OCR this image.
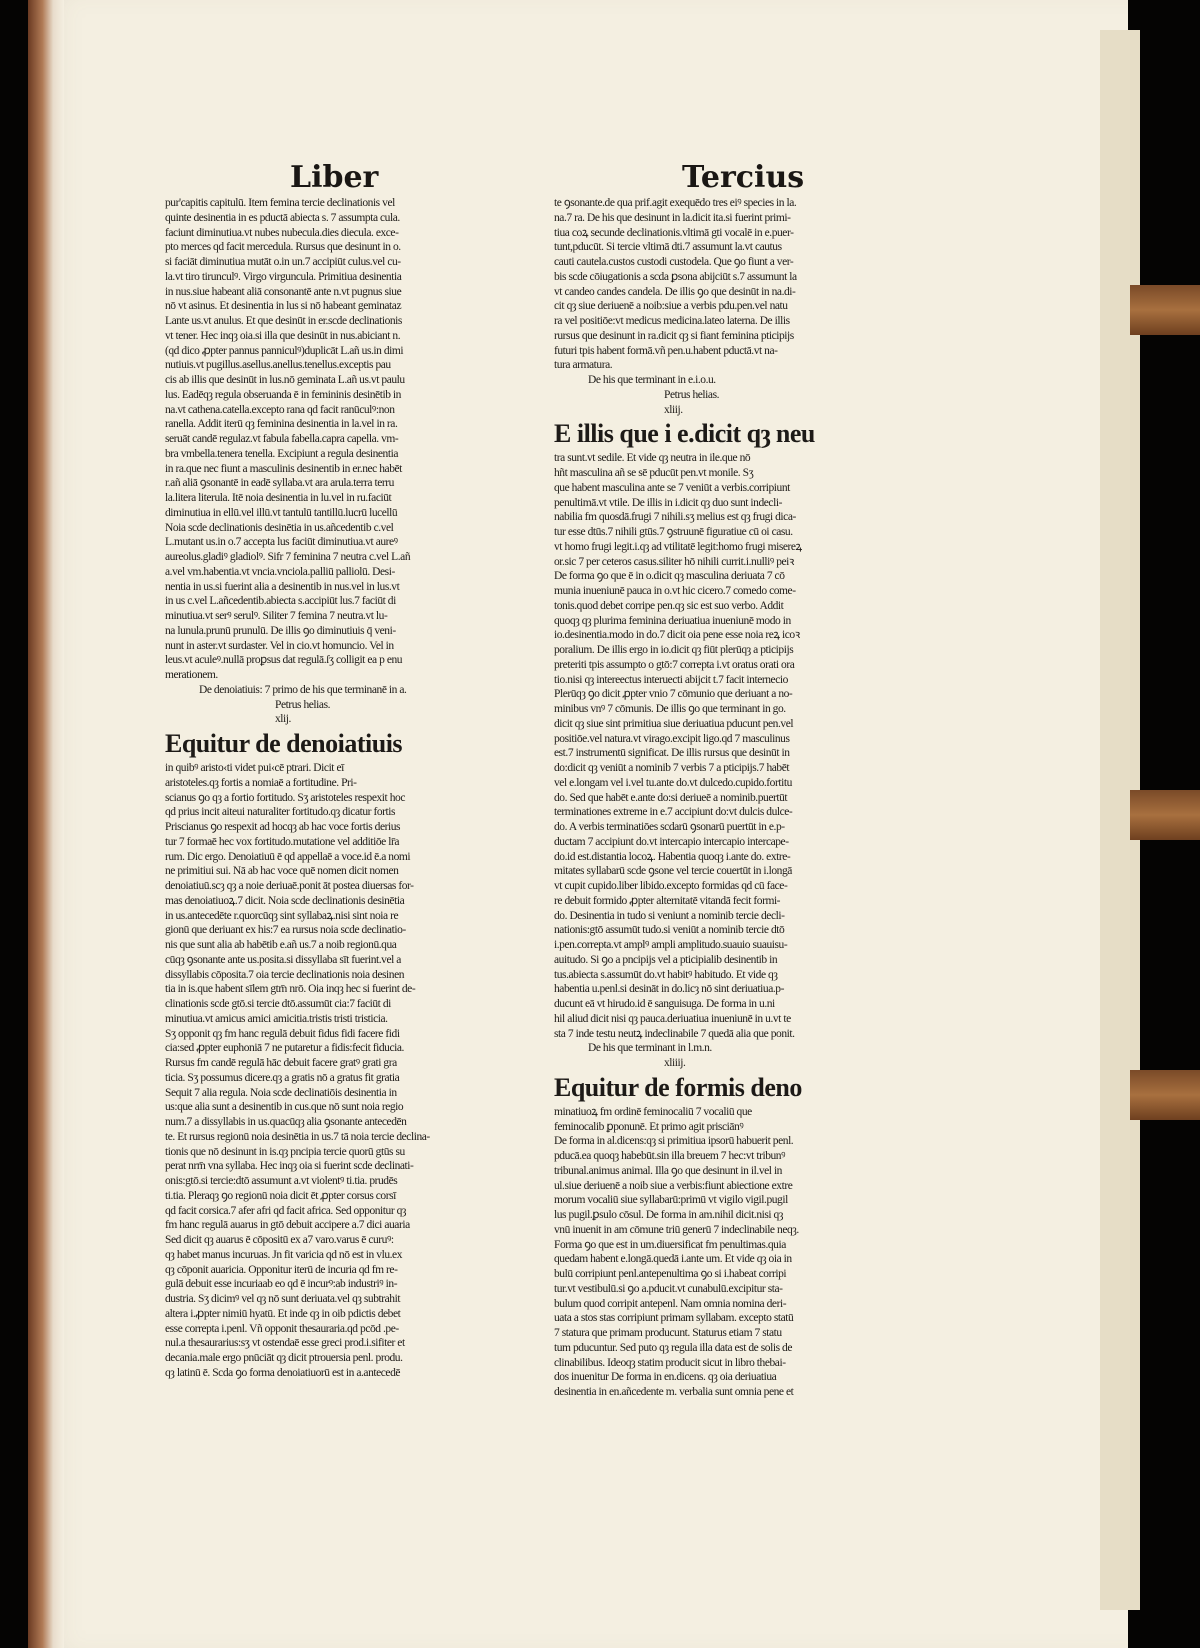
Liber	Tercius
pur'capitis capitulū. Item femina tercie declinationis vel
quinte desinentia in es pductā abiecta s. 7 assumpta cula.
faciunt diminutiua.vt nubes nubecula.dies diecula. exce-
pto merces qd facit mercedula. Rursus que desinunt in o.
si faciāt diminutiua mutāt o.in un.7 accipiūt culus.vel cu-
la.vt tiro tirunculꝰ. Virgo virguncula. Primitiua desinentia
in nus.siue habeant aliā consonantē ante n.vt pugnus siue
nō vt asinus. Et desinentia in lus si nō habeant geminataz
Lante us.vt anulus. Et que desinūt in er.scde declinationis
vt tener. Hec inqȝ oia.si illa que desinūt in nus.abiciant n.
(qd dico ꝓpter pannus panniculꝰ)duplicāt L.añ us.in dimi
nutiuis.vt pugillus.asellus.anellus.tenellus.exceptis pau
cis ab illis que desinūt in lus.nō geminata L.añ us.vt paulu
lus. Eadēqȝ regula obseruanda ē in femininis desinētib in
na.vt cathena.catella.excepto rana qd facit ranūculꝰ:non
ranella. Addit iterū qȝ feminina desinentia in la.vel in ra.
seruāt candē regulaz.vt fabula fabella.capra capella. vm-
bra vmbella.tenera tenella. Excipiunt a regula desinentia
in ra.que nec fiunt a masculinis desinentib in er.nec habēt
r.añ aliā ꝯsonantē in eadē syllaba.vt ara arula.terra terru
la.litera literula. Itē noia desinentia in lu.vel in ru.faciūt
diminutiua in ellū.vel illū.vt tantulū tantillū.lucrū lucellū
Noia scde declinationis desinētia in us.añcedentib c.vel
L.mutant us.in o.7 accepta lus faciūt diminutiua.vt aureꝰ
aureolus.gladiꝰ gladiolꝰ. Sifr 7 feminina 7 neutra c.vel L.añ
a.vel vm.habentia.vt vncia.vnciola.palliū palliolū. Desi-
nentia in us.si fuerint alia a desinentib in nus.vel in lus.vt
in us c.vel L.añcedentib.abiecta s.accipiūt lus.7 faciūt di
minutiua.vt serꝰ serulꝰ. Siliter 7 femina 7 neutra.vt lu-
na lunula.prunū prunulū. De illis ꝯo diminutiuis q̄ veni-
nunt in aster.vt surdaster. Vel in cio.vt homuncio. Vel in
leus.vt aculeꝰ.nullā proꝑsus dat regulā.ſʒ colligit ea p enu
merationem.
De denoiatiuis: 7 primo de his que terminanē in a.
Petrus helias.
xlij.
Equitur de denoiatiuis
in quibꝰ aristo‹ti videt pui‹cē ptrari. Dicit eī
aristoteles.qȝ fortis a nomiaē a fortitudine. Pri-
scianus ꝯo qȝ a fortio fortitudo. Sʒ aristoteles respexit hoc
qd prius incit aiteui naturaliter fortitudo.qȝ dicatur fortis
Priscianus ꝯo respexit ad hocqȝ ab hac voce fortis derius
tur 7 formaē hec vox fortitudo.mutatione vel additiōe lr̄a
rum. Dic ergo. Denoiatiuū ē qd appellaē a voce.id ē.a nomi
ne primitiui sui. Nā ab hac voce quē nomen dicit nomen
denoiatiuū.scȝ qȝ a noie deriuaē.ponit āt postea diuersas for-
mas denoiatiuoꝝ.7 dicit. Noia scde declinationis desinētia
in us.antecedēte r.quorcūqȝ sint syllabaꝝ.nisi sint noia re
gionū que deriuant ex his:7 ea rursus noia scde declinatio-
nis que sunt alia ab habētib e.añ us.7 a noib regionū.qua
cūqȝ ꝯsonante ante us.posita.si dissyllaba sīt fuerint.vel a
dissyllabis cōposita.7 oia tercie declinationis noia desinen
tia in is.que habent sīlem gtm̄ nrō. Oia inqȝ hec si fuerint de-
clinationis scde gtō.si tercie dtō.assumūt cia:7 faciūt di
minutiua.vt amicus amici amicitia.tristis tristi tristicia.
Sʒ opponit qȝ fm hanc regulā debuit fidus fidi facere fidi
cia:sed ꝓpter euphoniā 7 ne putaretur a fidis:fecit fiducia.
Rursus fm candē regulā hāc debuit facere gratꝰ grati gra
ticia. Sʒ possumus dicere.qȝ a gratis nō a gratus fit gratia
Sequit 7 alia regula. Noia scde declinatiōis desinentia in
us:que alia sunt a desinentib in cus.que nō sunt noia regio
num.7 a dissyllabis in us.quacūqȝ alia ꝯsonante antecedēn
te. Et rursus regionū noia desinētia in us.7 tā noia tercie declina-
tionis que nō desinunt in is.qȝ pncipia tercie quorū gtūs su
perat nrm̄ vna syllaba. Hec inqȝ oia si fuerint scde declinati-
onis:gtō.si tercie:dtō assumunt a.vt violentꝰ ti.tia. prudēs
ti.tia. Pleraqȝ ꝯo regionū noia dicit ēt ꝓpter corsus corsī
qd facit corsica.7 afer afri qd facit africa. Sed opponitur qȝ
fm hanc regulā auarus in gtō debuit accipere a.7 dici auaria
Sed dicit qȝ auarus ē cōpositū ex a7 varo.varus ē curuꝰ:
qȝ habet manus incuruas. Jn fit varicia qd nō est in vlu.ex
qȝ cōponit auaricia. Opponitur iterū de incuria qd fm re-
gulā debuit esse incuriaab eo qd ē incurꝰ:ab industriꝰ in-
dustria. Sʒ dicimꝰ vel qȝ nō sunt deriuata.vel qȝ subtrahit
altera i.ꝓpter nimiū hyatū. Et inde qȝ in oib pdictis debet
esse correpta i.penl. Vñ opponit thesauraria.qd pcōd .pe-
nul.a thesaurarius:sʒ vt ostendaē esse greci prod.i.sifiter et
decania.male ergo pnūciāt qȝ dicit ptrouersia penl. produ.
qȝ latinū ē. Scda ꝯo forma denoiatiuorū est in a.antecedē
te ꝯsonante.de qua prif.agit exequēdo tres eiꝰ species in la.
na.7 ra. De his que desinunt in la.dicit ita.si fuerint primi-
tiua coꝝ secunde declinationis.vltimā gti vocalē in e.puer-
tunt,pducūt. Si tercie vltimā dti.7 assumunt la.vt cautus
cauti cautela.custos custodi custodela. Que ꝯo fiunt a ver-
bis scde cōiugationis a scda ꝑsona abijciūt s.7 assumunt la
vt candeo candes candela. De illis ꝯo que desinūt in na.di-
cit qȝ siue deriuenē a noib:siue a verbis pdu.pen.vel natu
ra vel positiōe:vt medicus medicina.lateo laterna. De illis
rursus que desinunt in ra.dicit qȝ si fiant feminina pticipijs
futuri tpis habent formā.vñ pen.u.habent pductā.vt na-
tura armatura.
De his que terminant in e.i.o.u.
Petrus helias.
xliij.
E illis que i e.dicit qȝ neu
tra sunt.vt sedile. Et vide qȝ neutra in ile.que nō
hñt masculina añ se sē pducūt pen.vt monile. Sʒ
que habent masculina ante se 7 veniūt a verbis.corripiunt
penultimā.vt vtile. De illis in i.dicit qȝ duo sunt indecli-
nabilia fm quosdā.frugi 7 nihili.sʒ melius est qȝ frugi dica-
tur esse dtūs.7 nihili gtūs.7 ꝯstruunē figuratiue cū oi casu.
vt homo frugi legit.i.qȝ ad vtilitatē legit:homo frugi misereꝝ
or.sic 7 per ceteros casus.siliter hō nihili currit.i.nulliꝰ peiꝛ
De forma ꝯo que ē in o.dicit qȝ masculina deriuata 7 cō
munia inueniunē pauca in o.vt hic cicero.7 comedo come-
tonis.quod debet corripe pen.qȝ sic est suo verbo. Addit
quoqȝ qȝ plurima feminina deriuatiua inueniunē modo in
io.desinentia.modo in do.7 dicit oia pene esse noia reꝝ icoꝛ
poralium. De illis ergo in io.dicit qȝ fiūt plerūqȝ a pticipijs
preteriti tpis assumpto o gtō:7 correpta i.vt oratus orati ora
tio.nisi qȝ intereectus interuecti abijcit t.7 facit internecio
Plerūqȝ ꝯo dicit ꝓpter vnio 7 cōmunio que deriuant a no-
minibus vnꝰ 7 cōmunis. De illis ꝯo que terminant in go.
dicit qȝ siue sint primitiua siue deriuatiua pducunt pen.vel
positiōe.vel natura.vt virago.excipit ligo.qd 7 masculinus
est.7 instrumentū significat. De illis rursus que desinūt in
do:dicit qȝ veniūt a nominib 7 verbis 7 a pticipijs.7 habēt
vel e.longam vel i.vel tu.ante do.vt dulcedo.cupido.fortitu
do. Sed que habēt e.ante do:si deriueē a nominib.puertūt
terminationes extreme in e.7 accipiunt do:vt dulcis dulce-
do. A verbis terminatiōes scdarū ꝯsonarū puertūt in e.p-
ductam 7 accipiunt do.vt intercapio intercapio intercape-
do.id est.distantia locoꝝ. Habentia quoqȝ i.ante do. extre-
mitates syllabarū scde ꝯsone vel tercie couertūt in i.longā
vt cupit cupido.liber libido.excepto formidas qd cū face-
re debuit formido ꝓpter alternitatē vitandā fecit formi-
do. Desinentia in tudo si veniunt a nominib tercie decli-
nationis:gtō assumūt tudo.si veniūt a nominib tercie dtō
i.pen.correpta.vt amplꝰ ampli amplitudo.suauio suauisu-
auitudo. Si ꝯo a pncipijs vel a pticipialib desinentib in
tus.abiecta s.assumūt do.vt habitꝰ habitudo. Et vide qȝ
habentia u.penl.si desināt in do.licȝ nō sint deriuatiua.p-
ducunt eā vt hirudo.id ē sanguisuga. De forma in u.ni
hil aliud dicit nisi qȝ pauca.deriuatiua inueniunē in u.vt te
sta 7 inde testu neutꝝ indeclinabile 7 quedā alia que ponit.
De his que terminant in l.m.n.
xliiij.
Equitur de formis deno
minatiuoꝝ fm ordinē feminocaliū 7 vocaliū que
feminocalib ꝑponunē. Et primo agit prisciānꝰ
De forma in al.dicens:qȝ si primitiua ipsorū habuerit penl.
pducā.ea quoqȝ habebūt.sin illa breuem 7 hec:vt tribunꝰ
tribunal.animus animal. Illa ꝯo que desinunt in il.vel in
ul.siue deriuenē a noib siue a verbis:fiunt abiectione extre
morum vocaliū siue syllabarū:primū vt vigilo vigil.pugil
lus pugil.ꝑsulo cōsul. De forma in am.nihil dicit.nisi qȝ
vnū inuenit in am cōmune triū generū 7 indeclinabile neqȝ.
Forma ꝯo que est in um.diuersificat fm penultimas.quia
quedam habent e.longā.quedā i.ante um. Et vide qȝ oia in
bulū corripiunt penl.antepenultima ꝯo si i.habeat corripi
tur.vt vestibulū.si ꝯo a.pducit.vt cunabulū.excipitur sta-
bulum quod corripit antepenl. Nam omnia nomina deri-
uata a stos stas corripiunt primam syllabam. excepto statū
7 statura que primam producunt. Staturus etiam 7 statu
tum pducuntur. Sed puto qȝ regula illa data est de solis de
clinabilibus. Ideoqȝ statim producit sicut in libro thebai-
dos inuenitur De forma in en.dicens. qȝ oia deriuatiua
desinentia in en.añcedente m. verbalia sunt omnia pene et
